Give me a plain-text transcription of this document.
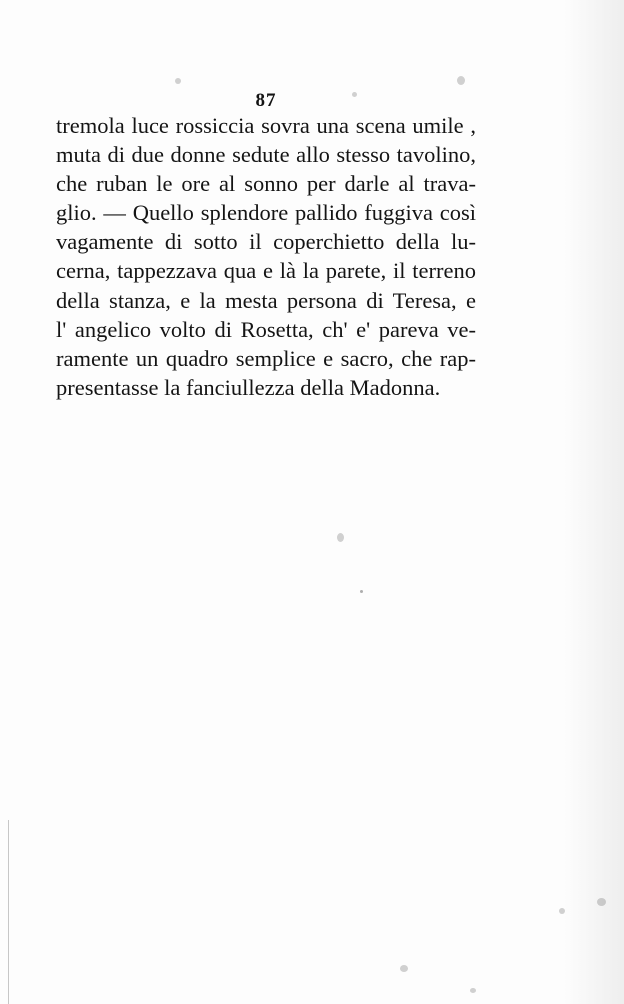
87
tremola luce rossiccia sovra una scena umile ,
muta di due donne sedute allo stesso tavolino,
che ruban le ore al sonno per darle al trava-
glio. — Quello splendore pallido fuggiva così
vagamente di sotto il coperchietto della lu-
cerna, tappezzava qua e là la parete, il terreno
della stanza, e la mesta persona di Teresa, e
l' angelico volto di Rosetta, ch' e' pareva ve-
ramente un quadro semplice e sacro, che rap-
presentasse la fanciullezza della Madonna.
